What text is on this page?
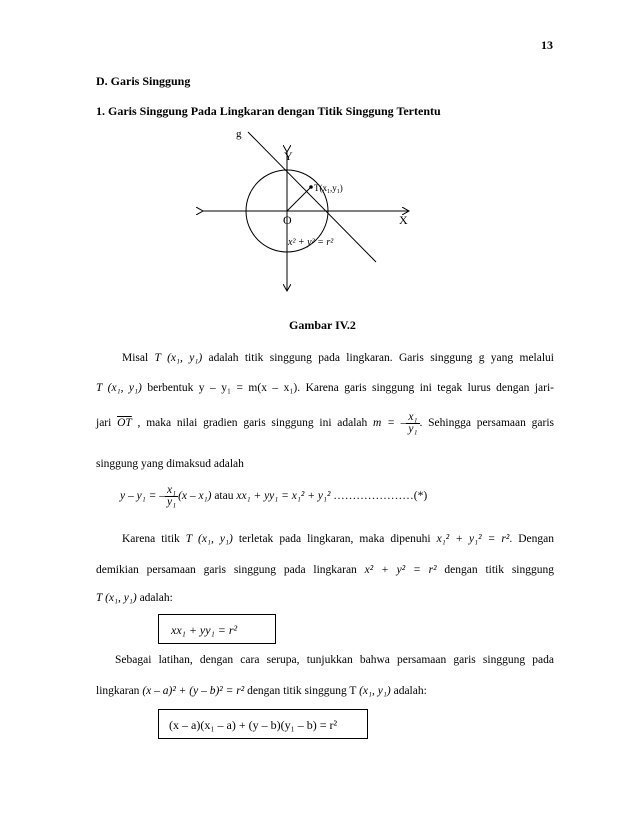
13
D. Garis Singgung
1. Garis Singgung Pada Lingkaran dengan Titik Singgung Tertentu
g
Y
X
O
$T(x_1,y_1)$
x² + y² = r²
Gambar IV.2
Misal T (x₁, y₁) adalah titik singgung pada lingkaran. Garis singgung g yang melalui
T (x₁, y₁) berbentuk y – y₁ = m(x – x₁). Karena garis singgung ini tegak lurus dengan jari-
jari $\overline{OT}$ , maka nilai gradien garis singgung ini adalah m = – $\frac{\text{x₁}}{\text{y₁}}$ . Sehingga persamaan garis
singgung yang dimaksud adalah
y – y₁ = – $\frac{\text{x₁}}{\text{y₁}} (x - x_1)$ atau xx₁ + yy₁ = x₁² + y₁² …………………(*)
Karena titik T (x₁, y₁) terletak pada lingkaran, maka dipenuhi x₁² + y₁² = r². Dengan
demikian persamaan garis singgung pada lingkaran x² + y² = r² dengan titik singgung
T (x₁, y₁) adalah:
xx₁ + yy₁ = r²
Sebagai latihan, dengan cara serupa, tunjukkan bahwa persamaan garis singgung pada
lingkaran (x – a)² + (y – b)² = r² dengan titik singgung T (x₁, y₁) adalah:
(x – a)(x₁ – a) + (y – b)(y₁ – b) = r²
